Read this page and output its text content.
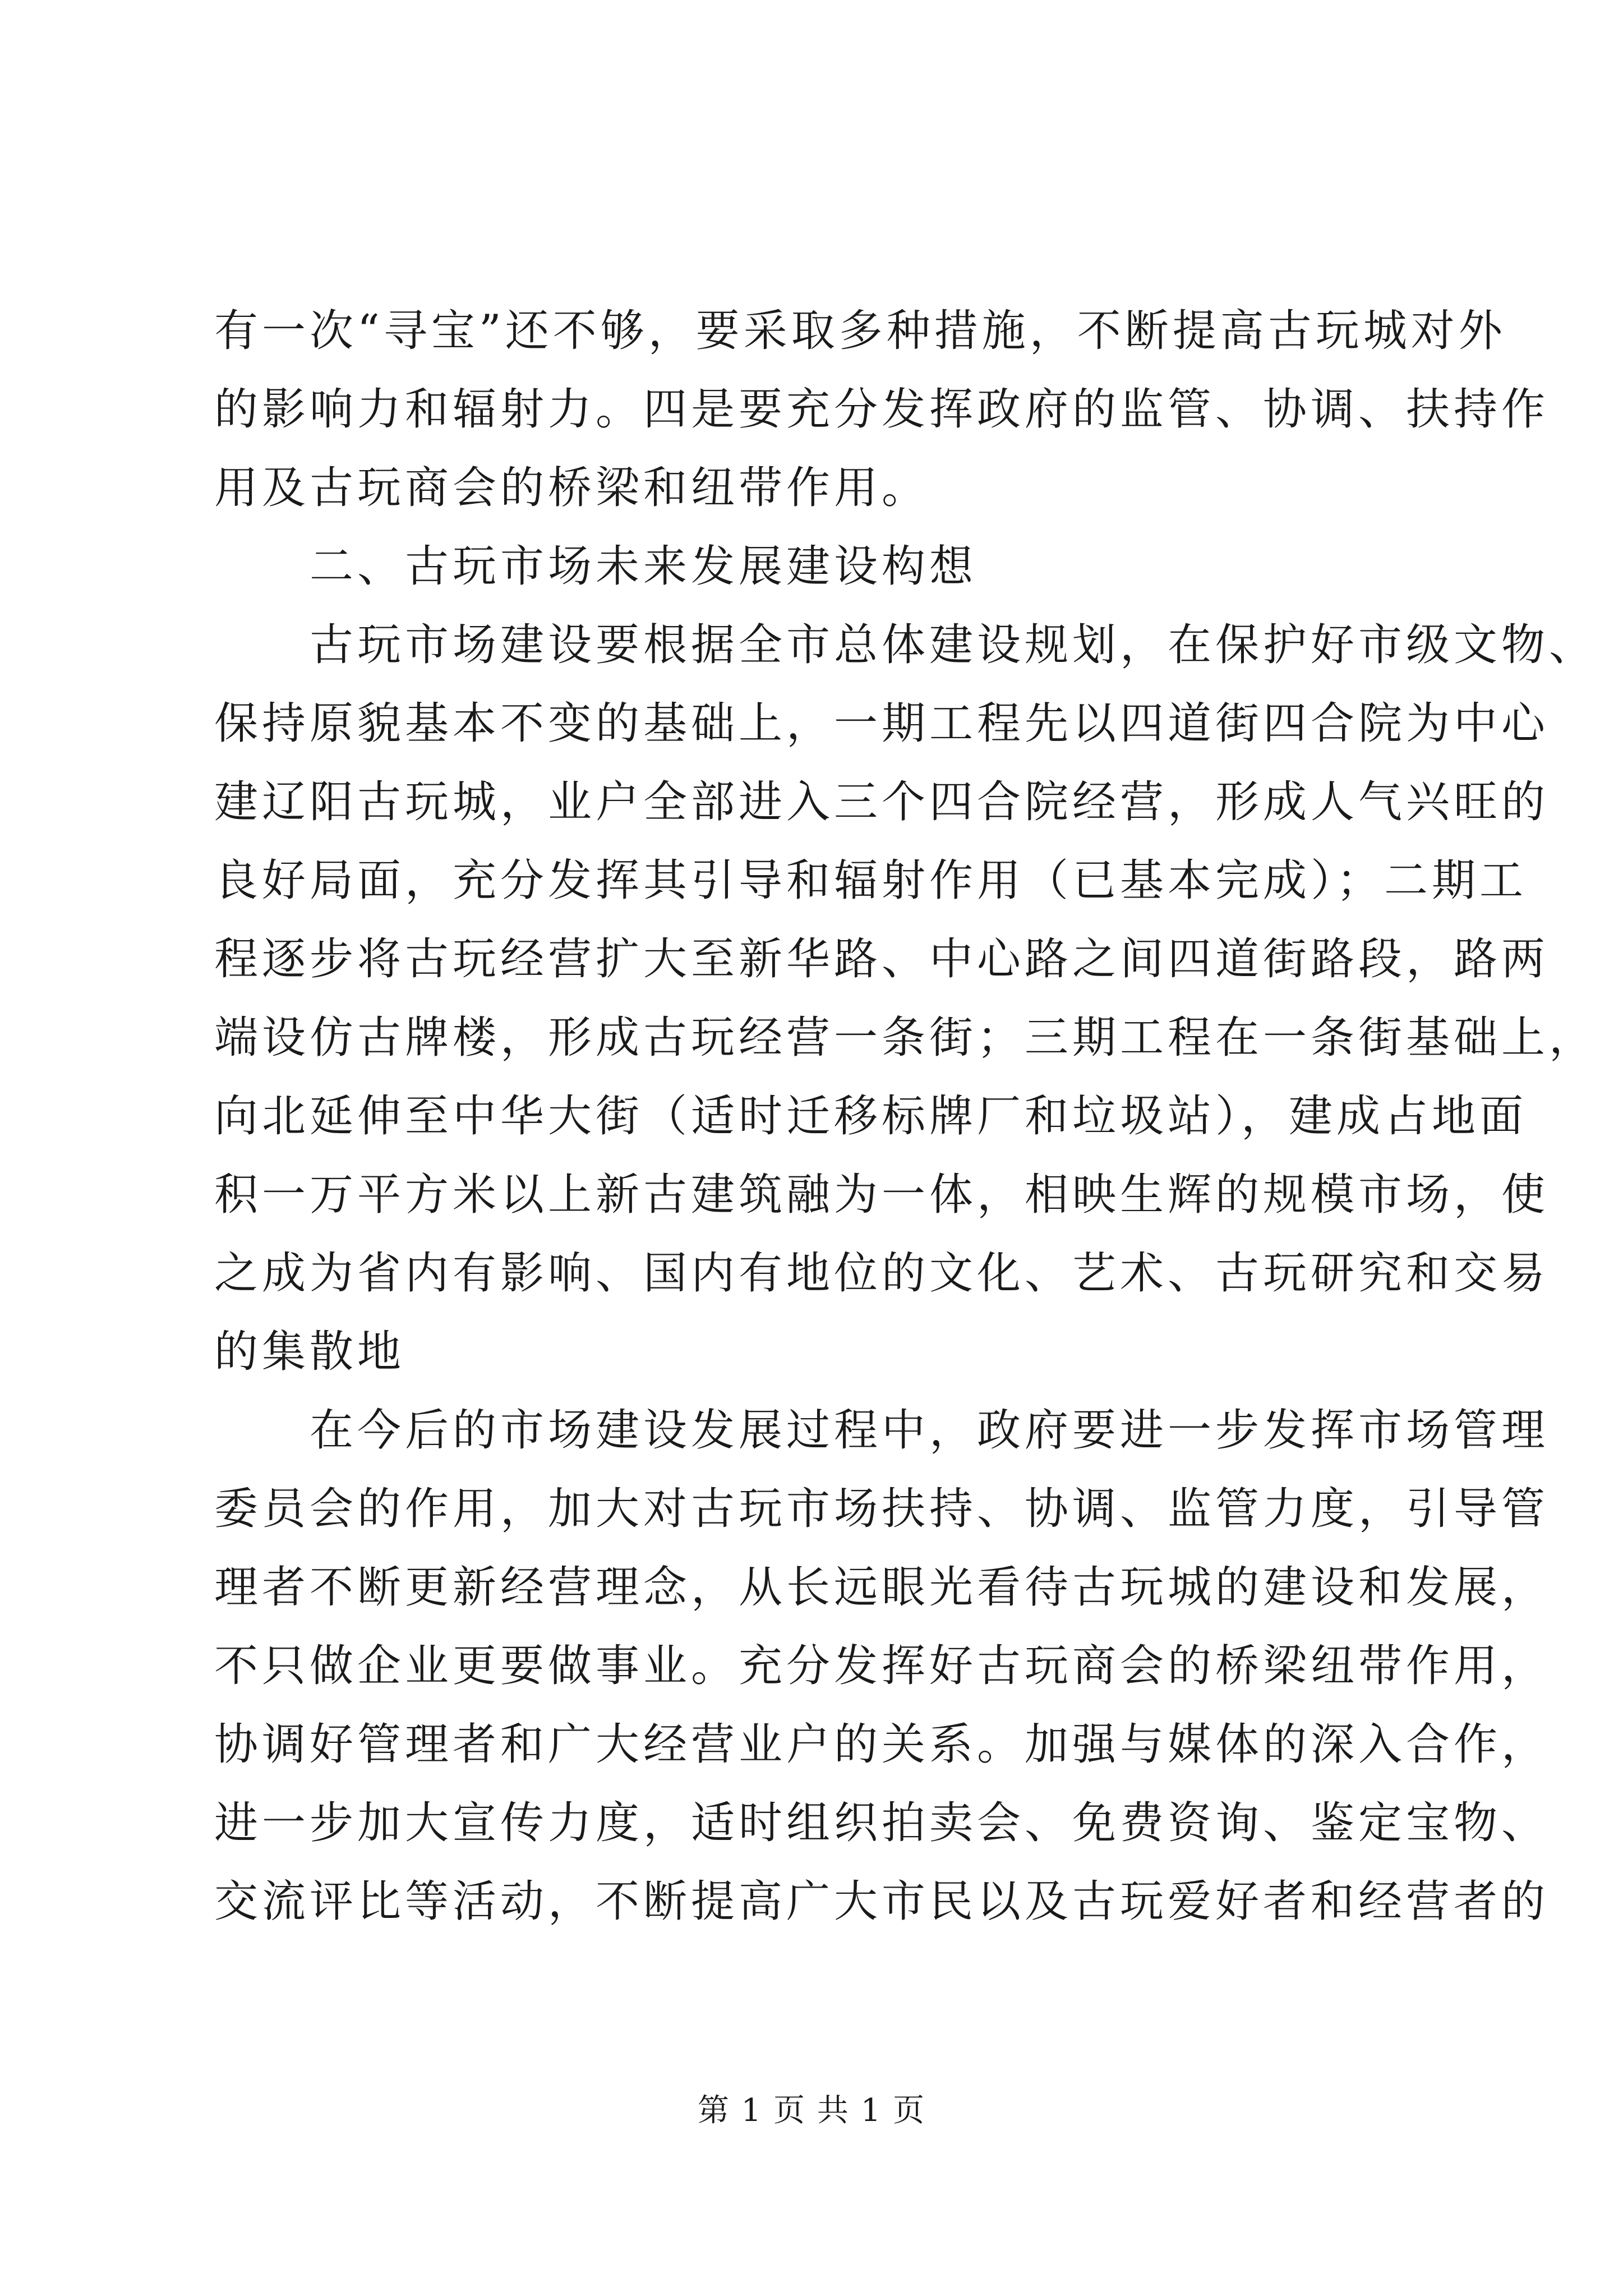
有一次“寻宝”还不够，要采取多种措施，不断提高古玩城对外
的影响力和辐射力。四是要充分发挥政府的监管、协调、扶持作
用及古玩商会的桥梁和纽带作用。
二、古玩市场未来发展建设构想
古玩市场建设要根据全市总体建设规划，在保护好市级文物、
保持原貌基本不变的基础上，一期工程先以四道街四合院为中心
建辽阳古玩城，业户全部进入三个四合院经营，形成人气兴旺的
良好局面，充分发挥其引导和辐射作用（已基本完成）；二期工
程逐步将古玩经营扩大至新华路、中心路之间四道街路段，路两
端设仿古牌楼，形成古玩经营一条街；三期工程在一条街基础上，
向北延伸至中华大街（适时迁移标牌厂和垃圾站），建成占地面
积一万平方米以上新古建筑融为一体，相映生辉的规模市场，使
之成为省内有影响、国内有地位的文化、艺术、古玩研究和交易
的集散地
在今后的市场建设发展过程中，政府要进一步发挥市场管理
委员会的作用，加大对古玩市场扶持、协调、监管力度，引导管
理者不断更新经营理念，从长远眼光看待古玩城的建设和发展，
不只做企业更要做事业。充分发挥好古玩商会的桥梁纽带作用，
协调好管理者和广大经营业户的关系。加强与媒体的深入合作，
进一步加大宣传力度，适时组织拍卖会、免费资询、鉴定宝物、
交流评比等活动，不断提高广大市民以及古玩爱好者和经营者的
第 1 页 共 1 页
